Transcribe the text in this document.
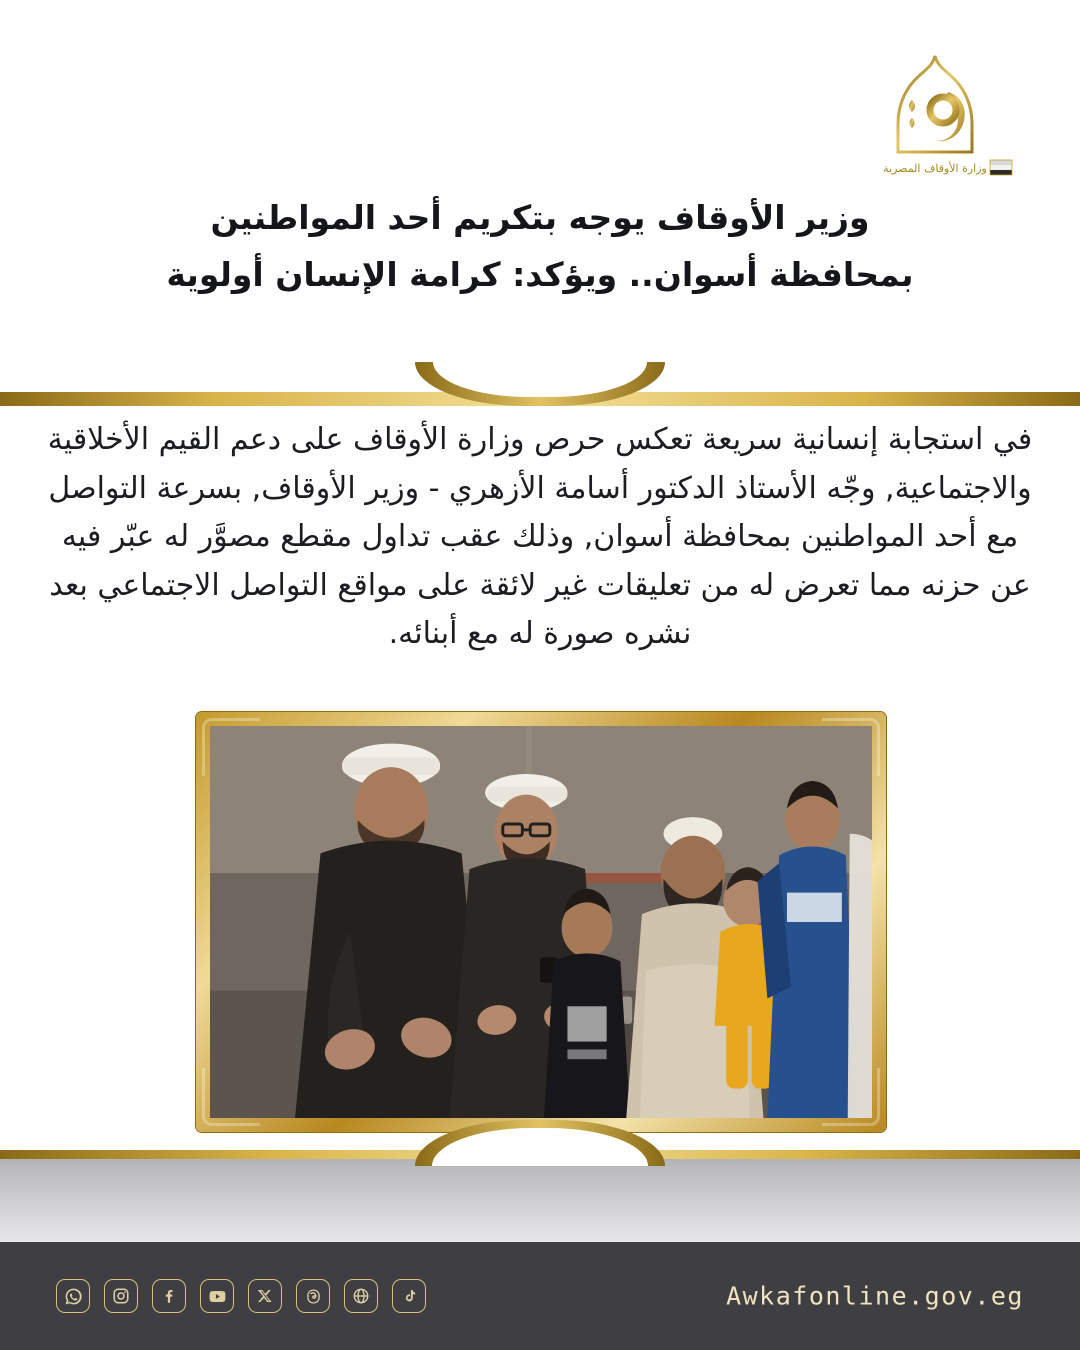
وزارة الأوقاف المصرية
وزير الأوقاف يوجه بتكريم أحد المواطنين
بمحافظة أسوان.. ويؤكد: كرامة الإنسان أولوية

في استجابة إنسانية سريعة تعكس حرص وزارة الأوقاف على دعم القيم الأخلاقية والاجتماعية, وجّه الأستاذ الدكتور أسامة الأزهري - وزير الأوقاف, بسرعة التواصل مع أحد المواطنين بمحافظة أسوان, وذلك عقب تداول مقطع مصوَّر له عبّر فيه عن حزنه مما تعرض له من تعليقات غير لائقة على مواقع التواصل الاجتماعي بعد نشره صورة له مع أبنائه.

Awkafonline.gov.eg
